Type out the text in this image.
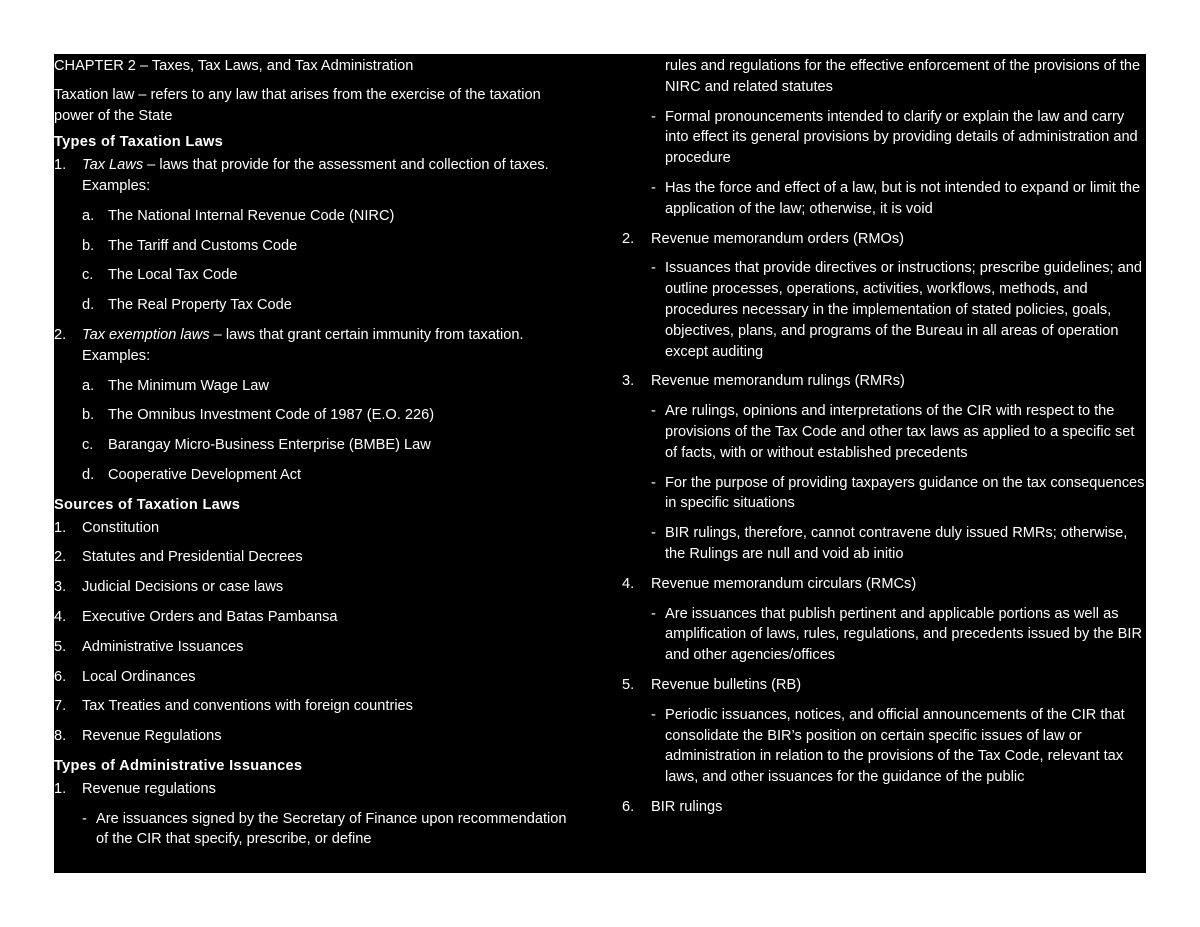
CHAPTER 2 – Taxes, Tax Laws, and Tax Administration

Taxation law – refers to any law that arises from the exercise of the taxation power of the State

Types of Taxation Laws

1.	Tax Laws – laws that provide for the assessment and collection of taxes. Examples:

a. The National Internal Revenue Code (NIRC)

b. The Tariff and Customs Code

c.	The Local Tax Code

d. The Real Property Tax Code

2.	Tax exemption laws – laws that grant certain immunity from taxation. Examples:

a. The Minimum Wage Law

b. The Omnibus Investment Code of 1987 (E.O. 226)

c.	Barangay Micro-Business Enterprise (BMBE) Law

d. Cooperative Development Act

Sources of Taxation Laws

1.	Constitution

2.	Statutes and Presidential Decrees

3.	Judicial Decisions or case laws

4.	Executive Orders and Batas Pambansa

5.	Administrative Issuances

6.	Local Ordinances

7.	Tax Treaties and conventions with foreign countries

8.	Revenue Regulations

Types of Administrative Issuances

1.	Revenue regulations

- Are issuances signed by the Secretary of Finance upon recommendation of the CIR that specify, prescribe, or define

rules and regulations for the effective enforcement of the provisions of the NIRC and related statutes

- Formal pronouncements intended to clarify or explain the law and carry into effect its general provisions by providing details of administration and procedure

- Has the force and effect of a law, but is not intended to expand or limit the application of the law; otherwise, it is void

2.	Revenue memorandum orders (RMOs)

- Issuances that provide directives or instructions; prescribe guidelines; and outline processes, operations, activities, workflows, methods, and procedures necessary in the implementation of stated policies, goals, objectives, plans, and programs of the Bureau in all areas of operation except auditing

3.	Revenue memorandum rulings (RMRs)

- Are rulings, opinions and interpretations of the CIR with respect to the provisions of the Tax Code and other tax laws as applied to a specific set of facts, with or without established precedents

- For the purpose of providing taxpayers guidance on the tax consequences in specific situations

- BIR rulings, therefore, cannot contravene duly issued RMRs; otherwise, the Rulings are null and void ab initio

4.	Revenue memorandum circulars (RMCs)

- Are issuances that publish pertinent and applicable portions as well as amplification of laws, rules, regulations, and precedents issued by the BIR and other agencies/offices

5.	Revenue bulletins (RB)

- Periodic issuances, notices, and official announcements of the CIR that consolidate the BIR’s position on certain specific issues of law or administration in relation to the provisions of the Tax Code, relevant tax laws, and other issuances for the guidance of the public

6.	BIR rulings
